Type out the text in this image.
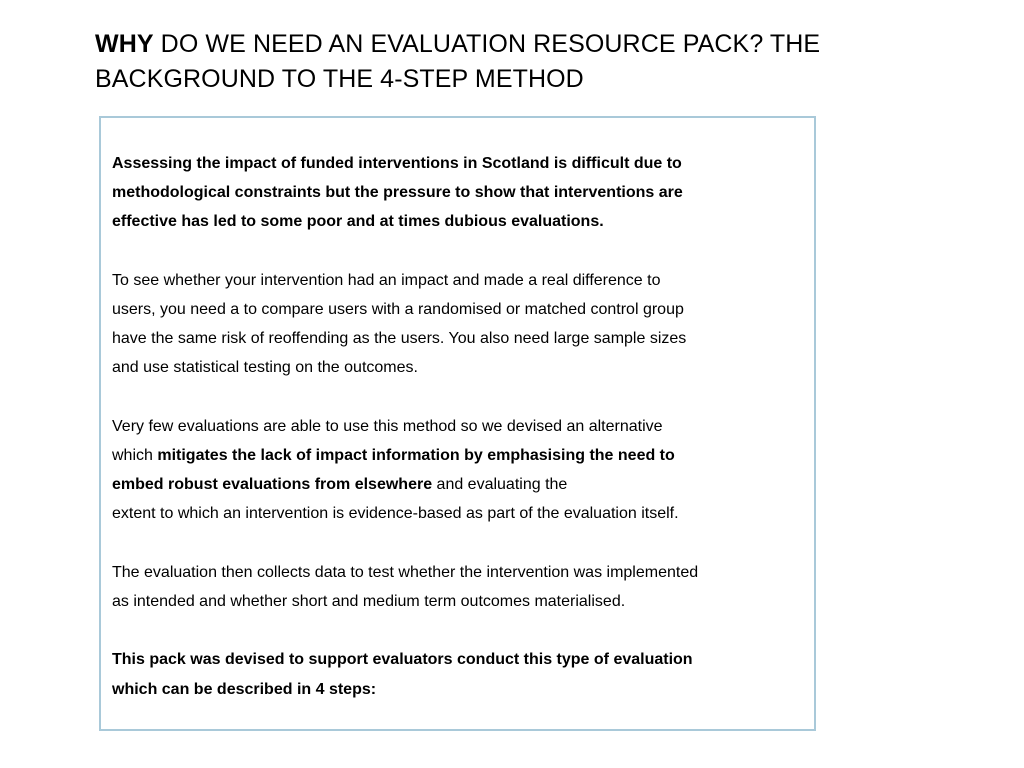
WHY DO WE NEED AN EVALUATION RESOURCE PACK? THE BACKGROUND TO THE 4-STEP METHOD

Assessing the impact of funded interventions in Scotland is difficult due to
methodological constraints but the pressure to show that interventions are
effective has led to some poor and at times dubious evaluations.

To see whether your intervention had an impact and made a real difference to
users, you need a to compare users with a randomised or matched control group
have the same risk of reoffending as the users. You also need large sample sizes
and use statistical testing on the outcomes.

Very few evaluations are able to use this method so we devised an alternative
which mitigates the lack of impact information by emphasising the need to
embed robust evaluations from elsewhere and evaluating the
extent to which an intervention is evidence-based as part of the evaluation itself.

The evaluation then collects data to test whether the intervention was implemented
as intended and whether short and medium term outcomes materialised.

This pack was devised to support evaluators conduct this type of evaluation
which can be described in 4 steps:
